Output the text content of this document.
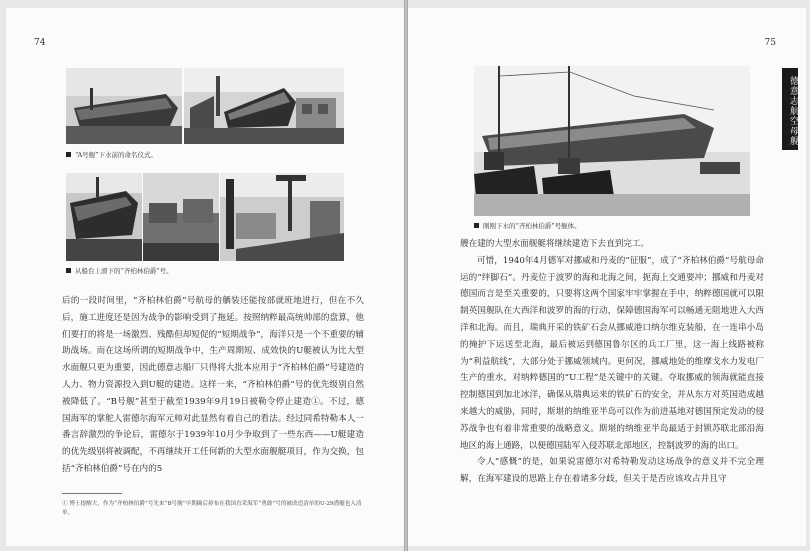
74
“A号舰”下水前的命名仪式。
从船台上滑下的“齐柏林伯爵”号。

后的一段时间里，“齐柏林伯爵”号航母的舾装还能按部就班地进行，但在不久后，施工进度还是因为战争的影响受到了拖延。按照纳粹最高统帅部的盘算，他们要打的将是一场激烈、残酷但却短促的“短期战争”，海洋只是一个不重要的辅助战场。而在这场所谓的短期战争中，生产周期短、成效快的U艇被认为比大型水面舰只更为重要，因此德意志船厂只得将大批本应用于“齐柏林伯爵”号建造的人力、物力资源投入到U艇的建造。这样一来，“齐柏林伯爵”号的优先级别自然被降低了。“B号舰”甚至于截至1939年9月19日被勒令停止建造①。不过，德国海军的掌舵人雷德尔海军元帅对此显然有着自己的看法。经过同希特勒本人一番言辞激烈的争论后，雷德尔于1939年10月少争取到了一些东西——U艇建造的优先级别将被调配，不再继续开工任何新的大型水面舰艇项目，作为交换，包括“齐柏林伯爵”号在内的5

① 博士提醒大，作为“齐柏林伯爵”号先来“B号舰”早期确后掉布在我国直采海军“勇敢”号的被改造清单的U-29潜艇也入清单。
75
德意志航空母舰
刚刚下水的“齐柏林伯爵”号舰体。

艘在建的大型水面舰艇将继续建造下去直到完工。

可惜，1940年4月德军对挪威和丹麦的“征服”，成了“齐柏林伯爵”号航母命运的“绊脚石”。丹麦位于波罗的海和北海之间，扼海上交通要冲；挪威和丹麦对德国而言是至关重要的，只要将这两个国家牢牢掌握在手中，纳粹德国就可以限制英国舰队在大西洋和波罗的海的行动，保障德国海军可以畅通无阻地进入大西洋和北海。而且，瑞典开采的铁矿石会从挪威港口纳尔维克装船，在一连串小岛的掩护下运送至北海，最后被运到德国鲁尔区的兵工厂里，这一海上线路被称为“利益航线”，大部分处于挪威领域内。更何况，挪威地处的维摩戈水力发电厂生产的重水，对纳粹德国的“U工程”是关键中的关键。夺取挪威的领海就能直接控制德国到加北冰洋，确保从瑞典运来的铁矿石的安全，并从东方对英国造成越来越大的威胁，同时，斯堪的纳维亚半岛可以作为前进基地对德国预定发动的侵苏战争也有着非常重要的战略意义。斯堪的纳维亚半岛最适于封锁苏联北部沿海地区的海上通路，以便德国陆军入侵苏联北部地区，控制波罗的海的出口。

令人“感慨”的是，如果说雷德尔对希特勒发动这场战争的意义并不完全理解，在海军建设的思路上存在着诸多分歧，但关于是否应该攻占并且守
